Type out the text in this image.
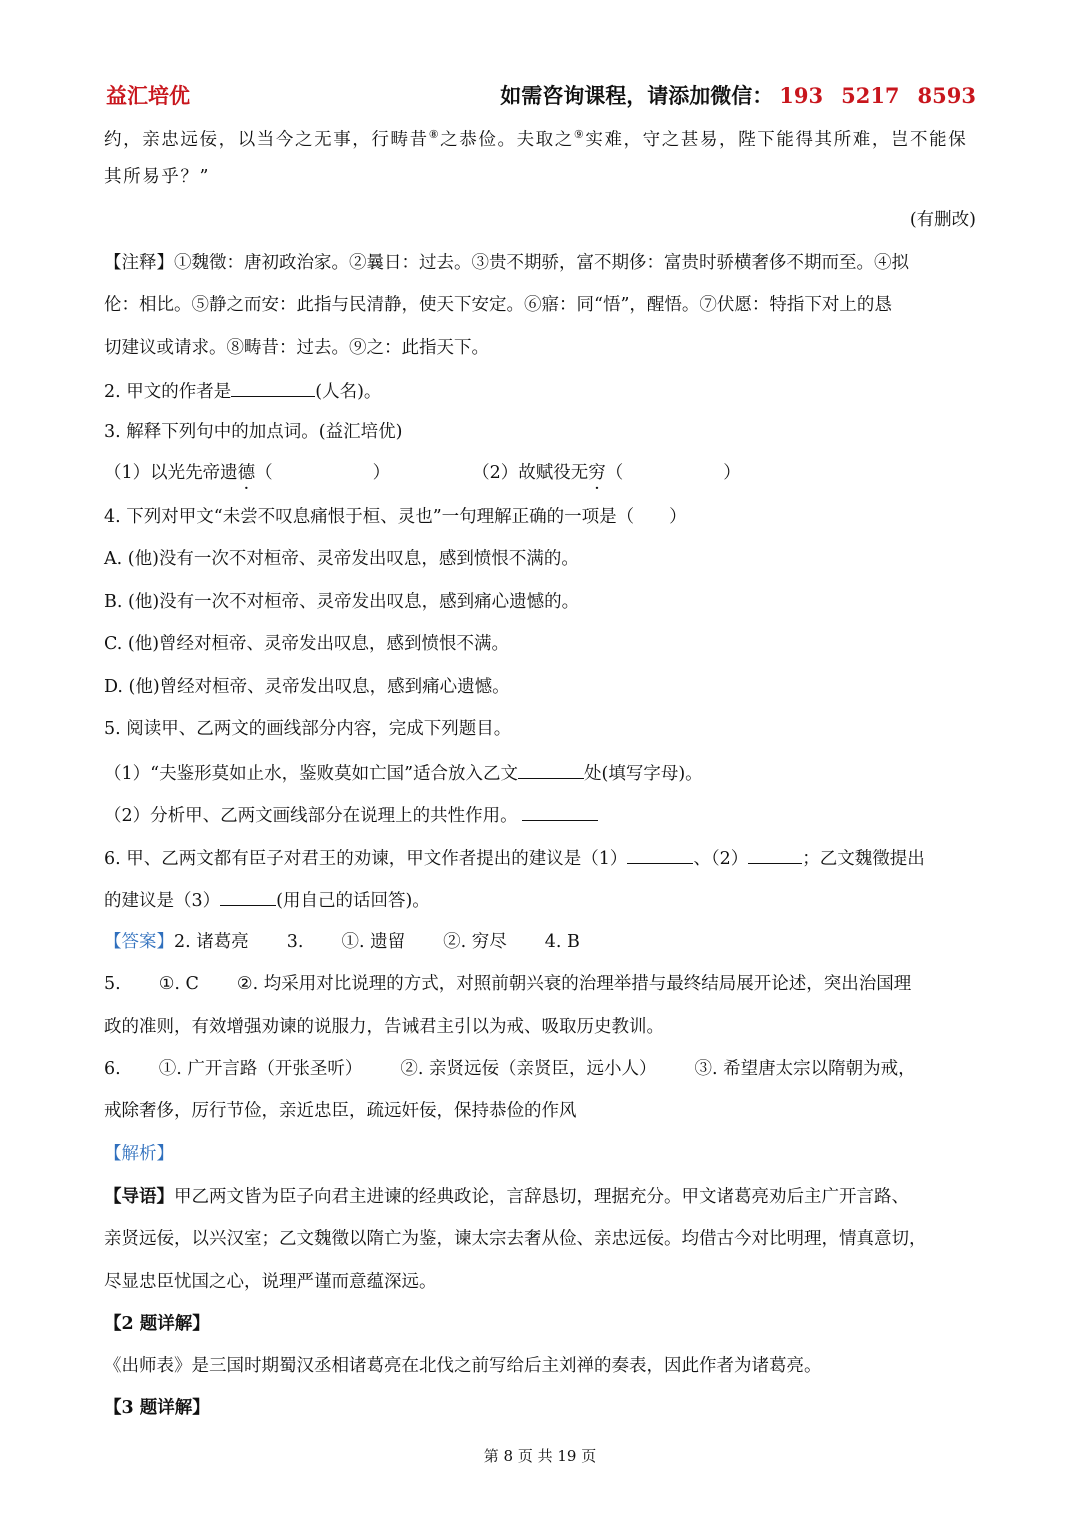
益汇培优	如需咨询课程，请添加微信： 193 5217 8593
约，亲忠远佞，以当今之无事，行畴昔⑧之恭俭。夫取之⑨实难，守之甚易，陛下能得其所难，岂不能保
其所易乎？”
(有删改)
【注释】①魏徵：唐初政治家。②曩日：过去。③贵不期骄，富不期侈：富贵时骄横奢侈不期而至。④拟
伦：相比。⑤静之而安：此指与民清静，使天下安定。⑥寤：同“悟”，醒悟。⑦伏愿：特指下对上的恳
切建议或请求。⑧畴昔：过去。⑨之：此指天下。
2. 甲文的作者是	(人名)。
3. 解释下列句中的加点词。(益汇培优)
（1）以光先帝遗德（	）	（2）故赋役无穷（	）
4. 下列对甲文“未尝不叹息痛恨于桓、灵也”一句理解正确的一项是（　　）
A. (他)没有一次不对桓帝、灵帝发出叹息，感到愤恨不满的。
B. (他)没有一次不对桓帝、灵帝发出叹息，感到痛心遗憾的。
C. (他)曾经对桓帝、灵帝发出叹息，感到愤恨不满。
D. (他)曾经对桓帝、灵帝发出叹息，感到痛心遗憾。
5. 阅读甲、乙两文的画线部分内容，完成下列题目。
（1）“夫鉴形莫如止水，鉴败莫如亡国”适合放入乙文	处(填写字母)。
（2）分析甲、乙两文画线部分在说理上的共性作用。
6. 甲、乙两文都有臣子对君王的劝谏，甲文作者提出的建议是（1）	、（2）	；乙文魏徵提出
的建议是（3）	(用自己的话回答)。
【答案】2. 诸葛亮 3. ①. 遗留 ②. 穷尽 4. B
5. ①. C ②. 均采用对比说理的方式，对照前朝兴衰的治理举措与最终结局展开论述，突出治国理
政的准则，有效增强劝谏的说服力，告诫君主引以为戒、吸取历史教训。
6. ①. 广开言路（开张圣听） ②. 亲贤远佞（亲贤臣，远小人） ③. 希望唐太宗以隋朝为戒，
戒除奢侈，厉行节俭，亲近忠臣，疏远奸佞，保持恭俭的作风
【解析】
【导语】甲乙两文皆为臣子向君主进谏的经典政论，言辞恳切，理据充分。甲文诸葛亮劝后主广开言路、
亲贤远佞，以兴汉室；乙文魏徵以隋亡为鉴，谏太宗去奢从俭、亲忠远佞。均借古今对比明理，情真意切，
尽显忠臣忧国之心，说理严谨而意蕴深远。
【2 题详解】
《出师表》是三国时期蜀汉丞相诸葛亮在北伐之前写给后主刘禅的奏表，因此作者为诸葛亮。
【3 题详解】
第 8 页 共 19 页
